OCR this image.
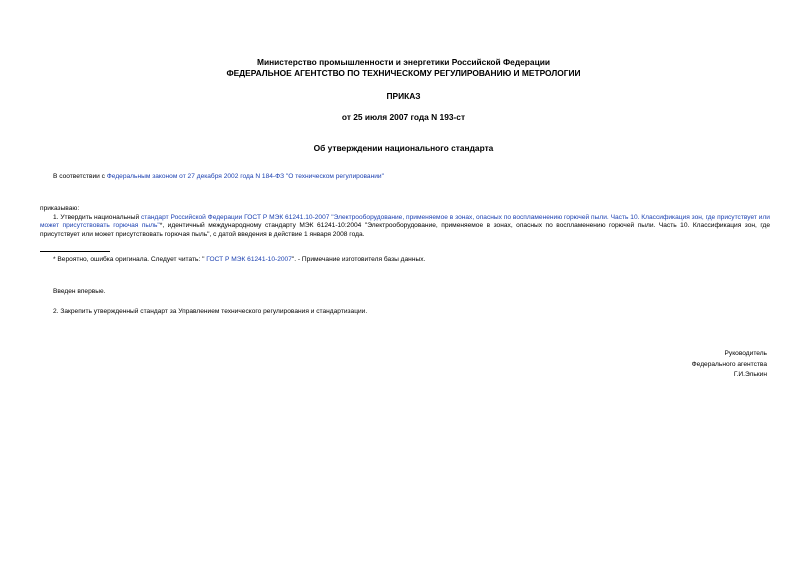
Министерство промышленности и энергетики Российской Федерации
ФЕДЕРАЛЬНОЕ АГЕНТСТВО ПО ТЕХНИЧЕСКОМУ РЕГУЛИРОВАНИЮ И МЕТРОЛОГИИ
ПРИКАЗ
от 25 июля 2007 года N 193-ст
Об утверждении национального стандарта
В соответствии с Федеральным законом от 27 декабря 2002 года N 184-ФЗ "О техническом регулировании"
приказываю:
1. Утвердить национальный стандарт Российской Федерации ГОСТ Р МЭК 61241.10-2007 "Электрооборудование, применяемое в зонах, опасных по воспламенению горючей пыли. Часть 10. Классификация зон, где присутствует или может присутствовать горючая пыль"*, идентичный международному стандарту МЭК 61241-10:2004 "Электрооборудование, применяемое в зонах, опасных по воспламенению горючей пыли. Часть 10. Классификация зон, где присутствует или может присутствовать горючая пыль", с датой введения в действие 1 января 2008 года.
* Вероятно, ошибка оригинала. Следует читать: " ГОСТ Р МЭК 61241-10-2007". - Примечание изготовителя базы данных.
Введен впервые.
2. Закрепить утвержденный стандарт за Управлением технического регулирования и стандартизации.
Руководитель
Федерального агентства
Г.И.Элькин
